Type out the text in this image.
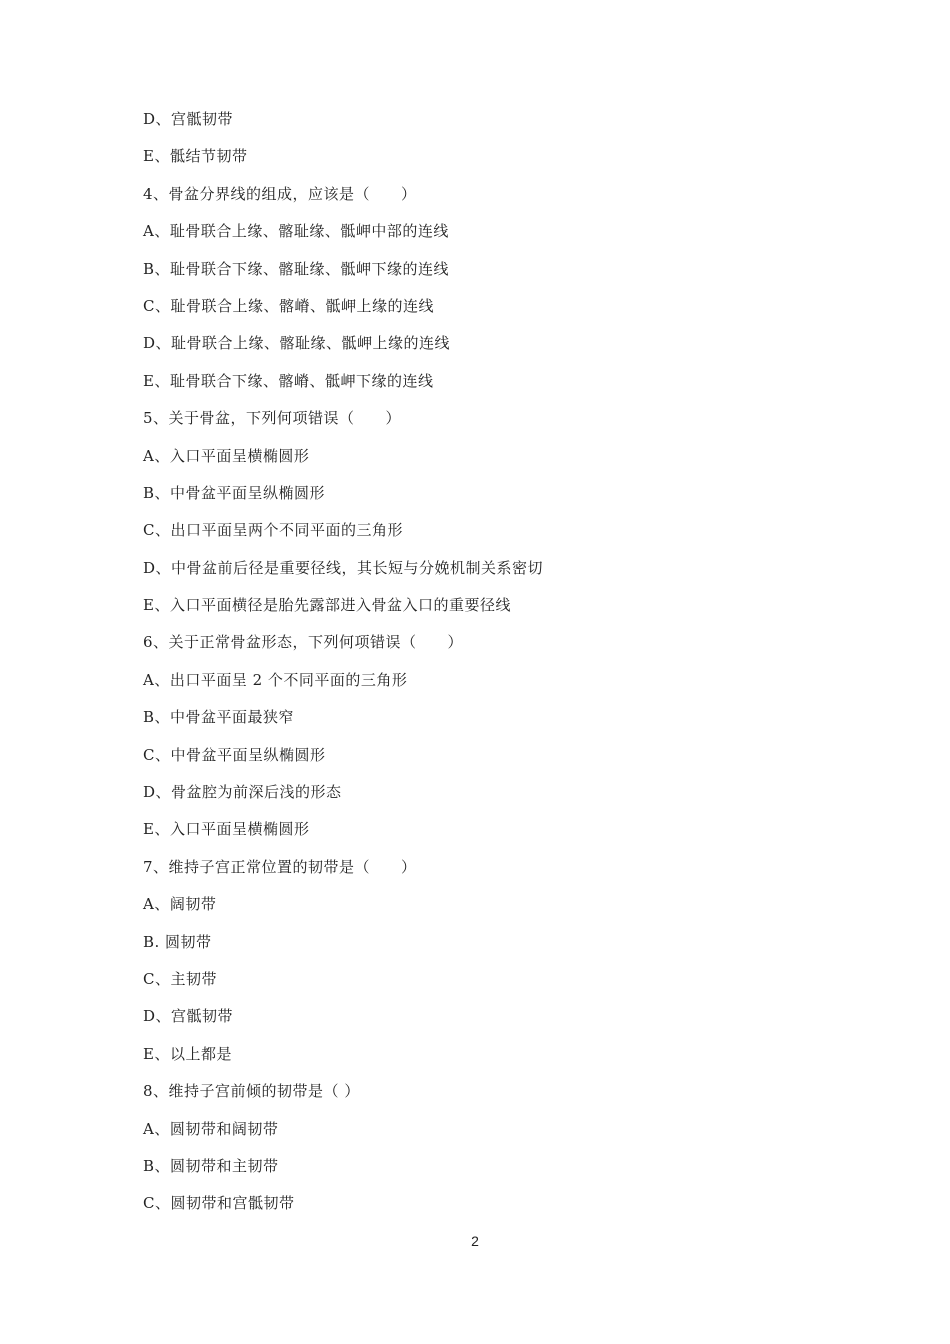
D、宫骶韧带
E、骶结节韧带
4、骨盆分界线的组成，应该是（　　）
A、耻骨联合上缘、髂耻缘、骶岬中部的连线
B、耻骨联合下缘、髂耻缘、骶岬下缘的连线
C、耻骨联合上缘、髂嵴、骶岬上缘的连线
D、耻骨联合上缘、髂耻缘、骶岬上缘的连线
E、耻骨联合下缘、髂嵴、骶岬下缘的连线
5、关于骨盆，下列何项错误（　　）
A、入口平面呈横椭圆形
B、中骨盆平面呈纵椭圆形
C、出口平面呈两个不同平面的三角形
D、中骨盆前后径是重要径线，其长短与分娩机制关系密切
E、入口平面横径是胎先露部进入骨盆入口的重要径线
6、关于正常骨盆形态，下列何项错误（　　）
A、出口平面呈 2 个不同平面的三角形
B、中骨盆平面最狭窄
C、中骨盆平面呈纵椭圆形
D、骨盆腔为前深后浅的形态
E、入口平面呈横椭圆形
7、维持子宫正常位置的韧带是（　　）
A、阔韧带
B. 圆韧带
C、主韧带
D、宫骶韧带
E、以上都是
8、维持子宫前倾的韧带是（ ）
A、圆韧带和阔韧带
B、圆韧带和主韧带
C、圆韧带和宫骶韧带
2
